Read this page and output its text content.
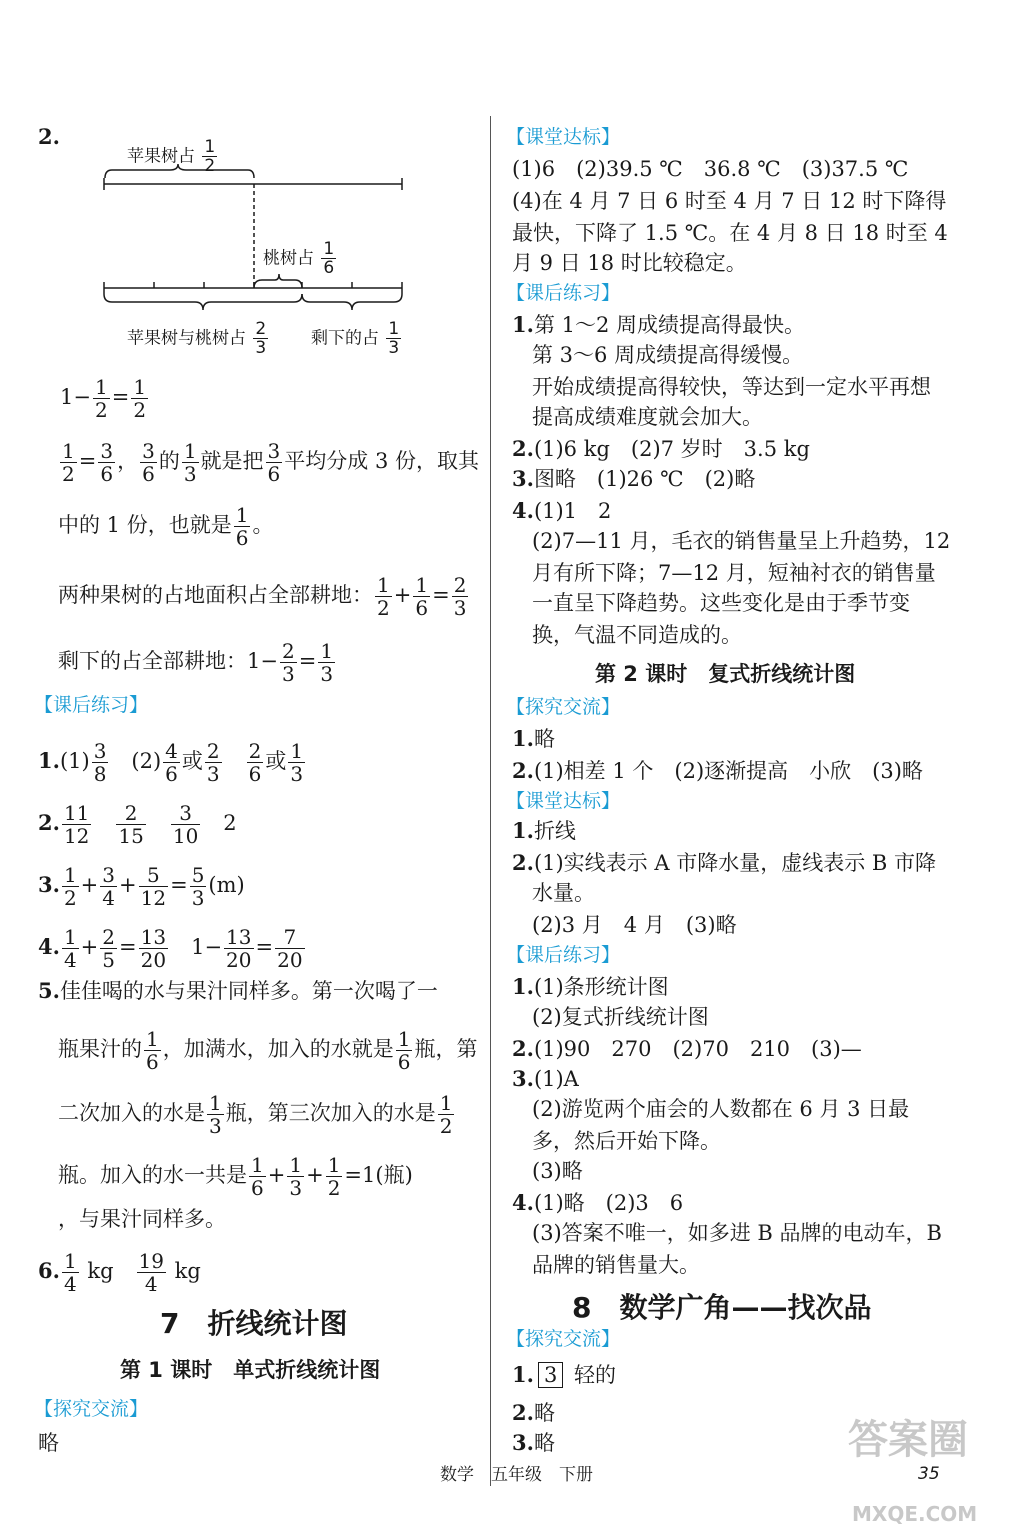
2.
苹果树占 $\frac{1}{2}$
桃树占 $\frac{1}{6}$
苹果树与桃树占 $\frac{2}{3}$	剩下的占 $\frac{1}{3}$
$1- \frac{1}{2} = \frac{1}{2}$
$\frac{1}{2} = \frac{3}{6}$ ， $\frac{3}{6}$ 的 $\frac{1}{3}$ 就是把 $\frac{3}{6}$ 平均分成 3 份，取其
中的 1 份，也就是 $\frac{1}{6}$ 。
两种果树的占地面积占全部耕地： $\frac{1}{2} + \frac{1}{6} = \frac{2}{3}$
剩下的占全部耕地：$1- \frac{2}{3} = \frac{1}{3}$
【课后练习】
$1.(1) \frac{3}{8}$
　 $(2) \frac{4}{6}$ 或 $\frac{2}{3}$
　 $\frac{2}{6}$ 或 $\frac{1}{3}$
2. $\frac{11}{12}$
　 $\frac{2}{15}$
　 $\frac{3}{10}$
　 2
3. $\frac{1}{2} + \frac{3}{4} + \frac{5}{12} = \frac{5}{3} (m)$
4. $\frac{1}{4} + \frac{2}{5} = \frac{13}{20}$ 　$1- \frac{13}{20} = \frac{7}{20}$
5.佳佳喝的水与果汁同样多。第一次喝了一
瓶果汁的 $\frac{1}{6}$ ，加满水，加入的水就是 $\frac{1}{6}$ 瓶，第
二次加入的水是 $\frac{1}{3}$ 瓶，第三次加入的水是 $\frac{1}{2}$
瓶。加入的水一共是 $\frac{1}{6} + \frac{1}{3} + \frac{1}{2} =1$(瓶)
，与果汁同样多。
6. $\frac{1}{4}$ kg　 $\frac{19}{4}$ kg
7　折线统计图
第 1 课时　单式折线统计图
【探究交流】
略
【课堂达标】
(1)6　(2)39.5 ℃　36.8 ℃　(3)37.5 ℃
(4)在 4 月 7 日 6 时至 4 月 7 日 12 时下降得
最快，下降了 1.5 ℃。在 4 月 8 日 18 时至 4
月 9 日 18 时比较稳定。
【课后练习】
1.第 1～2 周成绩提高得最快。
第 3～6 周成绩提高得缓慢。
开始成绩提高得较快，等达到一定水平再想
提高成绩难度就会加大。
2.(1)6 kg　(2)7 岁时　3.5 kg
3.图略　(1)26 ℃　(2)略
4.(1)1　2
(2)7—11 月，毛衣的销售量呈上升趋势，12
月有所下降；7—12 月，短袖衬衣的销售量
一直呈下降趋势。这些变化是由于季节变
换，气温不同造成的。
第 2 课时　复式折线统计图
【探究交流】
1.略
2.(1)相差 1 个　(2)逐渐提高　小欣　(3)略
【课堂达标】
1.折线
2.(1)实线表示 A 市降水量，虚线表示 B 市降
水量。
(2)3 月　4 月　(3)略
【课后练习】
1.(1)条形统计图
(2)复式折线统计图
2.(1)90　270　(2)70　210　(3)—
3.(1)A
(2)游览两个庙会的人数都在 6 月 3 日最
多，然后开始下降。
(3)略
4.(1)略　(2)3　6
(3)答案不唯一，如多进 B 品牌的电动车，B
品牌的销售量大。
8　数学广角——找次品
【探究交流】
1. 3 轻的
2.略
3.略
数学　五年级　下册	35
答案圈
MXQE.COM
